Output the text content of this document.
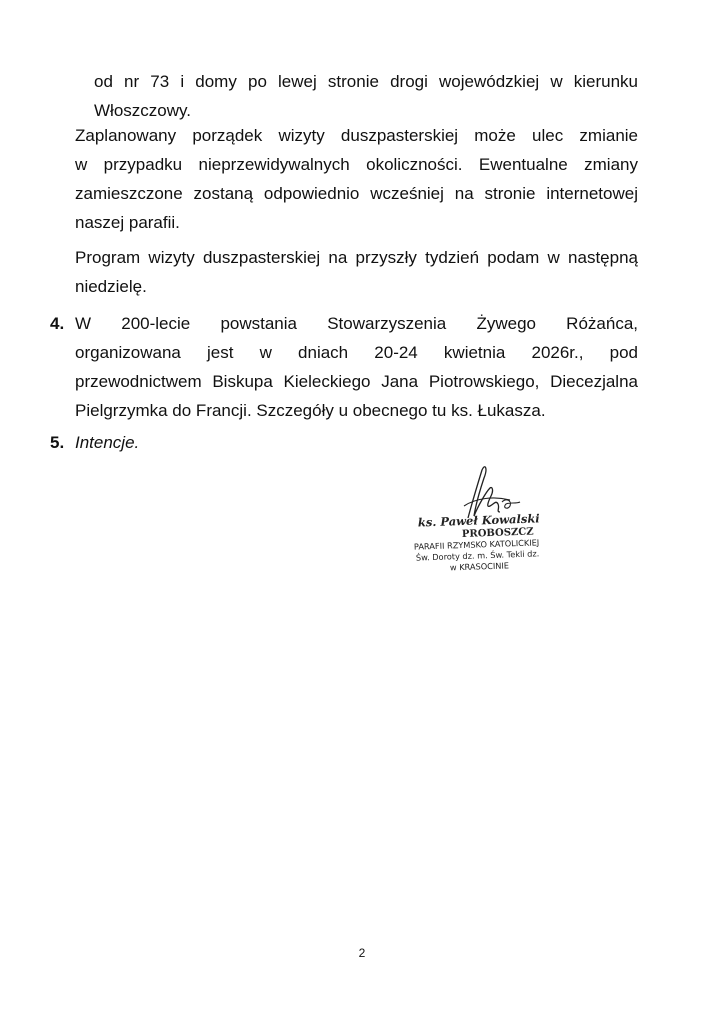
od nr 73 i domy po lewej stronie drogi wojewódzkiej w kierunku
Włoszczowy.
Zaplanowany porządek wizyty duszpasterskiej może ulec zmianie
w przypadku nieprzewidywalnych okoliczności. Ewentualne zmiany
zamieszczone zostaną odpowiednio wcześniej na stronie internetowej
naszej parafii.
Program wizyty duszpasterskiej na przyszły tydzień podam w następną
niedzielę.
4. W 200-lecie powstania Stowarzyszenia Żywego Różańca,
organizowana jest w dniach 20-24 kwietnia 2026r., pod
przewodnictwem Biskupa Kieleckiego Jana Piotrowskiego, Diecezjalna
Pielgrzymka do Francji. Szczegóły u obecnego tu ks. Łukasza.
5. Intencje.
ks. Paweł Kowalski
PROBOSZCZ
PARAFII RZYMSKO KATOLICKIEJ
Św. Doroty dz. m. Św. Tekli dz.
w KRASOCINIE
2
